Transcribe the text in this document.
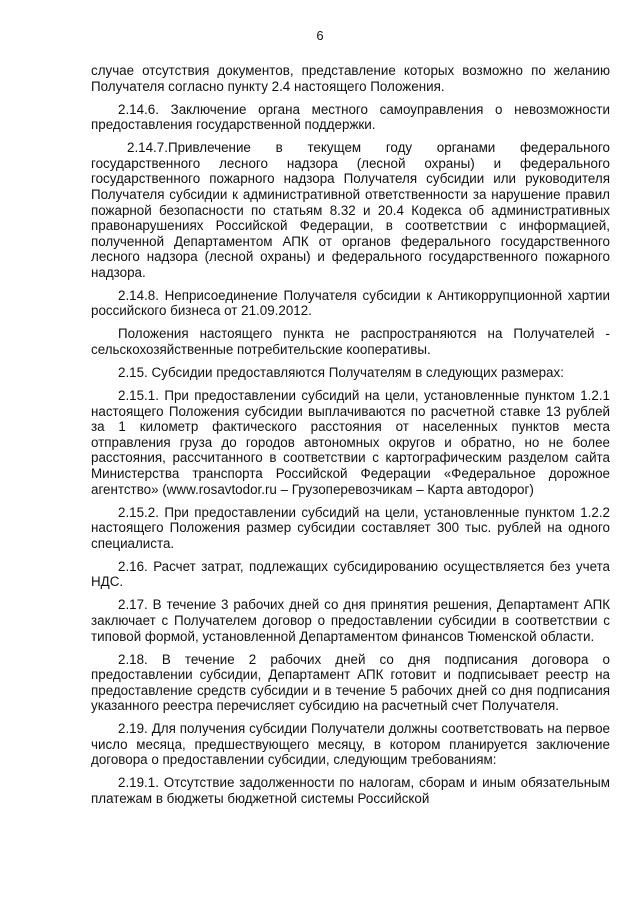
6

случае отсутствия документов, представление которых возможно по желанию Получателя согласно пункту 2.4 настоящего Положения.

2.14.6. Заключение органа местного самоуправления о невозможности предоставления государственной поддержки.

2.14.7.Привлечение в текущем году органами федерального государственного лесного надзора (лесной охраны) и федерального государственного пожарного надзора Получателя субсидии или руководителя Получателя субсидии к административной ответственности за нарушение правил пожарной безопасности по статьям 8.32 и 20.4 Кодекса об административных правонарушениях Российской Федерации, в соответствии с информацией, полученной Департаментом АПК от органов федерального государственного лесного надзора (лесной охраны) и федерального государственного пожарного надзора.

2.14.8. Неприсоединение Получателя субсидии к Антикоррупционной хартии российского бизнеса от 21.09.2012.

Положения настоящего пункта не распространяются на Получателей - сельскохозяйственные потребительские кооперативы.

2.15. Субсидии предоставляются Получателям в следующих размерах:

2.15.1. При предоставлении субсидий на цели, установленные пунктом 1.2.1 настоящего Положения субсидии выплачиваются по расчетной ставке 13 рублей за 1 километр фактического расстояния от населенных пунктов места отправления груза до городов автономных округов и обратно, но не более расстояния, рассчитанного в соответствии с картографическим разделом сайта Министерства транспорта Российской Федерации «Федеральное дорожное агентство» (www.rosavtodor.ru – Грузоперевозчикам – Карта автодорог)

2.15.2. При предоставлении субсидий на цели, установленные пунктом 1.2.2 настоящего Положения размер субсидии составляет 300 тыс. рублей на одного специалиста.

2.16. Расчет затрат, подлежащих субсидированию осуществляется без учета НДС.

2.17. В течение 3 рабочих дней со дня принятия решения, Департамент АПК заключает с Получателем договор о предоставлении субсидии в соответствии с типовой формой, установленной Департаментом финансов Тюменской области.

2.18. В течение 2 рабочих дней со дня подписания договора о предоставлении субсидии, Департамент АПК готовит и подписывает реестр на предоставление средств субсидии и в течение 5 рабочих дней со дня подписания указанного реестра перечисляет субсидию на расчетный счет Получателя.

2.19. Для получения субсидии Получатели должны соответствовать на первое число месяца, предшествующего месяцу, в котором планируется заключение договора о предоставлении субсидии, следующим требованиям:

2.19.1. Отсутствие задолженности по налогам, сборам и иным обязательным платежам в бюджеты бюджетной системы Российской
